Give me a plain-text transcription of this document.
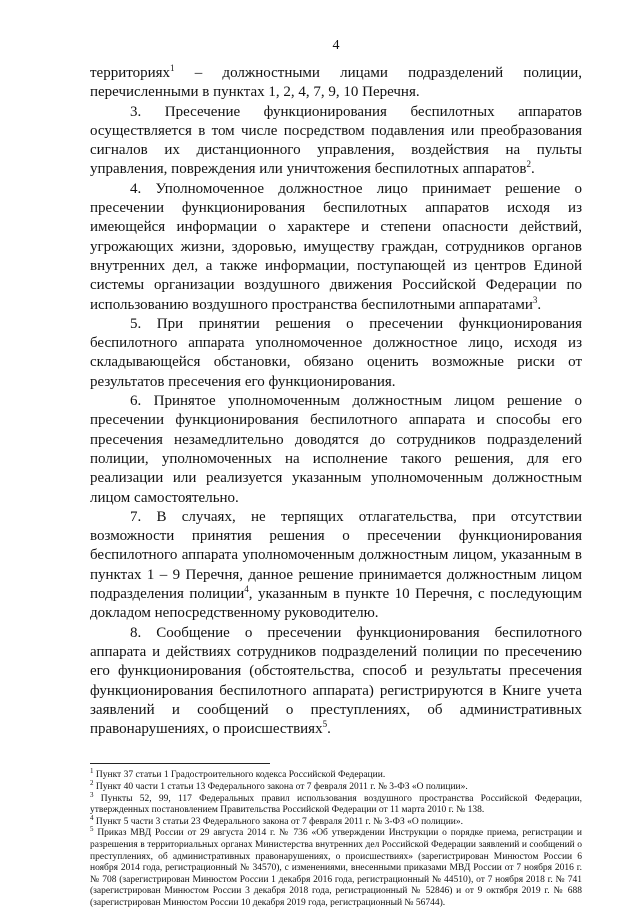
4

территориях$^1$ – должностными лицами подразделений полиции, перечисленными в пунктах 1, 2, 4, 7, 9, 10 Перечня.

3. Пресечение функционирования беспилотных аппаратов осуществляется в том числе посредством подавления или преобразования сигналов их дистанционного управления, воздействия на пульты управления, повреждения или уничтожения беспилотных аппаратов$^2$.

4. Уполномоченное должностное лицо принимает решение о пресечении функционирования беспилотных аппаратов исходя из имеющейся информации о характере и степени опасности действий, угрожающих жизни, здоровью, имуществу граждан, сотрудников органов внутренних дел, а также информации, поступающей из центров Единой системы организации воздушного движения Российской Федерации по использованию воздушного пространства беспилотными аппаратами$^3$.

5. При принятии решения о пресечении функционирования беспилотного аппарата уполномоченное должностное лицо, исходя из складывающейся обстановки, обязано оценить возможные риски от результатов пресечения его функционирования.

6. Принятое уполномоченным должностным лицом решение о пресечении функционирования беспилотного аппарата и способы его пресечения незамедлительно доводятся до сотрудников подразделений полиции, уполномоченных на исполнение такого решения, для его реализации или реализуется указанным уполномоченным должностным лицом самостоятельно.

7. В случаях, не терпящих отлагательства, при отсутствии возможности принятия решения о пресечении функционирования беспилотного аппарата уполномоченным должностным лицом, указанным в пунктах 1 – 9 Перечня, данное решение принимается должностным лицом подразделения полиции$^4$, указанным в пункте 10 Перечня, с последующим докладом непосредственному руководителю.

8. Сообщение о пресечении функционирования беспилотного аппарата и действиях сотрудников подразделений полиции по пресечению его функционирования (обстоятельства, способ и результаты пресечения функционирования беспилотного аппарата) регистрируются в Книге учета заявлений и сообщений о преступлениях, об административных правонарушениях, о происшествиях$^5$.

$^1$ Пункт 37 статьи 1 Градостроительного кодекса Российской Федерации.

$^2$ Пункт 40 части 1 статьи 13 Федерального закона от 7 февраля 2011 г. № 3-ФЗ «О полиции».

$^3$ Пункты 52, 99, 117 Федеральных правил использования воздушного пространства Российской Федерации, утвержденных постановлением Правительства Российской Федерации от 11 марта 2010 г. № 138.

$^4$ Пункт 5 части 3 статьи 23 Федерального закона от 7 февраля 2011 г. № 3-ФЗ «О полиции».

$^5$ Приказ МВД России от 29 августа 2014 г. № 736 «Об утверждении Инструкции о порядке приема, регистрации и разрешения в территориальных органах Министерства внутренних дел Российской Федерации заявлений и сообщений о преступлениях, об административных правонарушениях, о происшествиях» (зарегистрирован Минюстом России 6 ноября 2014 года, регистрационный № 34570), с изменениями, внесенными приказами МВД России от 7 ноября 2016 г. № 708 (зарегистрирован Минюстом России 1 декабря 2016 года, регистрационный № 44510), от 7 ноября 2018 г. № 741 (зарегистрирован Минюстом России 3 декабря 2018 года, регистрационный № 52846) и от 9 октября 2019 г. № 688 (зарегистрирован Минюстом России 10 декабря 2019 года, регистрационный № 56744).
